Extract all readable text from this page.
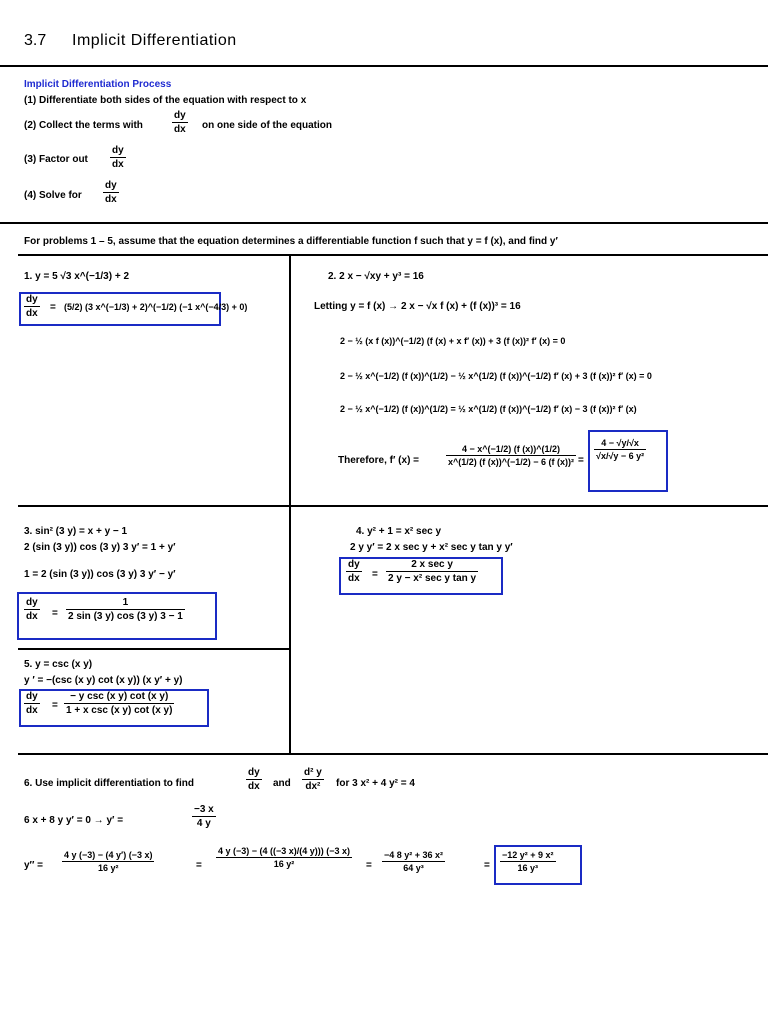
3.7 Implicit Differentiation
Implicit Differentiation Process
(1) Differentiate both sides of the equation with respect to x
(2) Collect the terms with
dy
dx on one side of the equation
(3) Factor out
dy
dx
(4) Solve for
dy
dx
For problems 1 – 5, assume that the equation determines a differentiable function f such that y = f (x), and find y′
1. y = 5 √3 x^(−1/3) + 2
dy
dx
= (5/2) (3 x^(−1/3) + 2)^(−1/2) (−1 x^(−4/3) + 0)
2. 2 x − √xy + y³ = 16
Letting y = f (x) → 2 x − √x f (x) + (f (x))³ = 16
2 − ½ (x f (x))^(−1/2) (f (x) + x f′ (x)) + 3 (f (x))² f′ (x) = 0
2 − ½ x^(−1/2) (f (x))^(1/2) − ½ x^(1/2) (f (x))^(−1/2) f′ (x) + 3 (f (x))² f′ (x) = 0
2 − ½ x^(−1/2) (f (x))^(1/2) = ½ x^(1/2) (f (x))^(−1/2) f′ (x) − 3 (f (x))² f′ (x)
Therefore, f′ (x) =
4 − x^(−1/2) (f (x))^(1/2)
x^(1/2) (f (x))^(−1/2) − 6 (f (x))² =
4 − √y/√x
√x/√y − 6 y²
3. sin² (3 y) = x + y − 1
2 (sin (3 y)) cos (3 y) 3 y′ = 1 + y′
1 = 2 (sin (3 y)) cos (3 y) 3 y′ − y′
dy
dx =
1
2 sin (3 y) cos (3 y) 3 − 1
4. y² + 1 = x² sec y
2 y y′ = 2 x sec y + x² sec y tan y y′
dy
dx =
2 x sec y
2 y − x² sec y tan y
5. y = csc (x y)
y ′ = −(csc (x y) cot (x y)) (x y′ + y)
dy
dx =
− y csc (x y) cot (x y)
1 + x csc (x y) cot (x y)
6. Use implicit differentiation to find
dy
dx and
d² y
dx² for 3 x² + 4 y² = 4
6 x + 8 y y′ = 0 → y′ =
−3 x
4 y
y′′ =
4 y (−3) − (4 y′) (−3 x)
16 y²	=
4 y (−3) − (4 ((−3 x)/(4 y))) (−3 x)
16 y²	=
−4 8 y² + 36 x²
64 y³	=
−12 y² + 9 x²
16 y³
